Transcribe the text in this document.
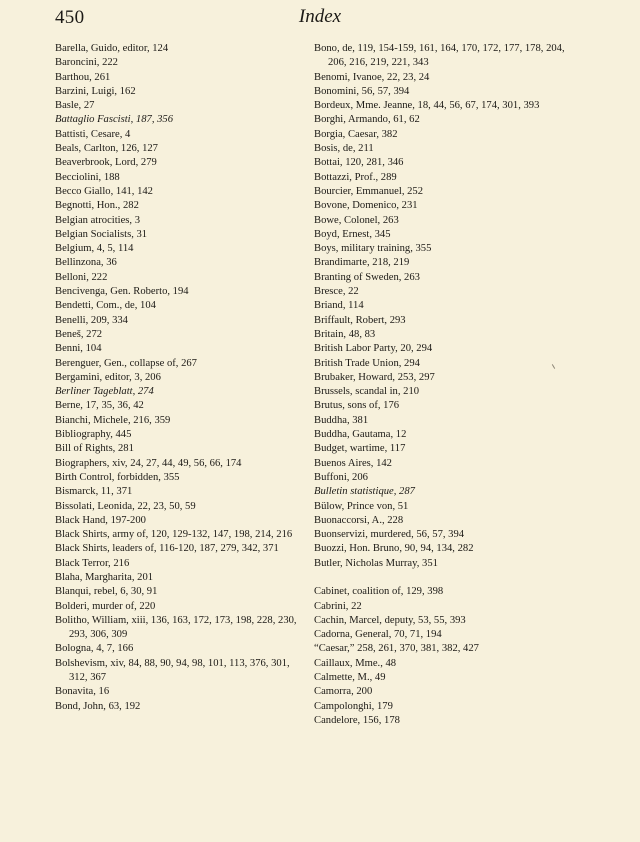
450	Index
Barella, Guido, editor, 124
Baroncini, 222
Barthou, 261
Barzini, Luigi, 162
Basle, 27
Battaglio Fascisti, 187, 356
Battisti, Cesare, 4
Beals, Carlton, 126, 127
Beaverbrook, Lord, 279
Becciolini, 188
Becco Giallo, 141, 142
Begnotti, Hon., 282
Belgian atrocities, 3
Belgian Socialists, 31
Belgium, 4, 5, 114
Bellinzona, 36
Belloni, 222
Bencivenga, Gen. Roberto, 194
Bendetti, Com., de, 104
Benelli, 209, 334
Beneš, 272
Benni, 104
Berenguer, Gen., collapse of, 267
Bergamini, editor, 3, 206
Berliner Tageblatt, 274
Berne, 17, 35, 36, 42
Bianchi, Michele, 216, 359
Bibliography, 445
Bill of Rights, 281
Biographers, xiv, 24, 27, 44, 49, 56, 66, 174
Birth Control, forbidden, 355
Bismarck, 11, 371
Bissolati, Leonida, 22, 23, 50, 59
Black Hand, 197-200
Black Shirts, army of, 120, 129-132, 147, 198, 214, 216
Black Shirts, leaders of, 116-120, 187, 279, 342, 371
Black Terror, 216
Blaha, Margharita, 201
Blanqui, rebel, 6, 30, 91
Bolderi, murder of, 220
Bolitho, William, xiii, 136, 163, 172, 173, 198, 228, 230, 293, 306, 309
Bologna, 4, 7, 166
Bolshevism, xiv, 84, 88, 90, 94, 98, 101, 113, 376, 301, 312, 367
Bonavita, 16
Bond, John, 63, 192
Bono, de, 119, 154-159, 161, 164, 170, 172, 177, 178, 204, 206, 216, 219, 221, 343
Benomi, Ivanoe, 22, 23, 24
Bonomini, 56, 57, 394
Bordeux, Mme. Jeanne, 18, 44, 56, 67, 174, 301, 393
Borghi, Armando, 61, 62
Borgia, Caesar, 382
Bosis, de, 211
Bottai, 120, 281, 346
Bottazzi, Prof., 289
Bourcier, Emmanuel, 252
Bovone, Domenico, 231
Bowe, Colonel, 263
Boyd, Ernest, 345
Boys, military training, 355
Brandimarte, 218, 219
Branting of Sweden, 263
Bresce, 22
Briand, 114
Briffault, Robert, 293
Britain, 48, 83
British Labor Party, 20, 294
British Trade Union, 294
Brubaker, Howard, 253, 297
Brussels, scandal in, 210
Brutus, sons of, 176
Buddha, 381
Buddha, Gautama, 12
Budget, wartime, 117
Buenos Aires, 142
Buffoni, 206
Bulletin statistique, 287
Bülow, Prince von, 51
Buonaccorsi, A., 228
Buonservizi, murdered, 56, 57, 394
Buozzi, Hon. Bruno, 90, 94, 134, 282
Butler, Nicholas Murray, 351
Cabinet, coalition of, 129, 398
Cabrini, 22
Cachin, Marcel, deputy, 53, 55, 393
Cadorna, General, 70, 71, 194
“Caesar,” 258, 261, 370, 381, 382, 427
Caillaux, Mme., 48
Calmette, M., 49
Camorra, 200
Campolonghi, 179
Candelore, 156, 178
